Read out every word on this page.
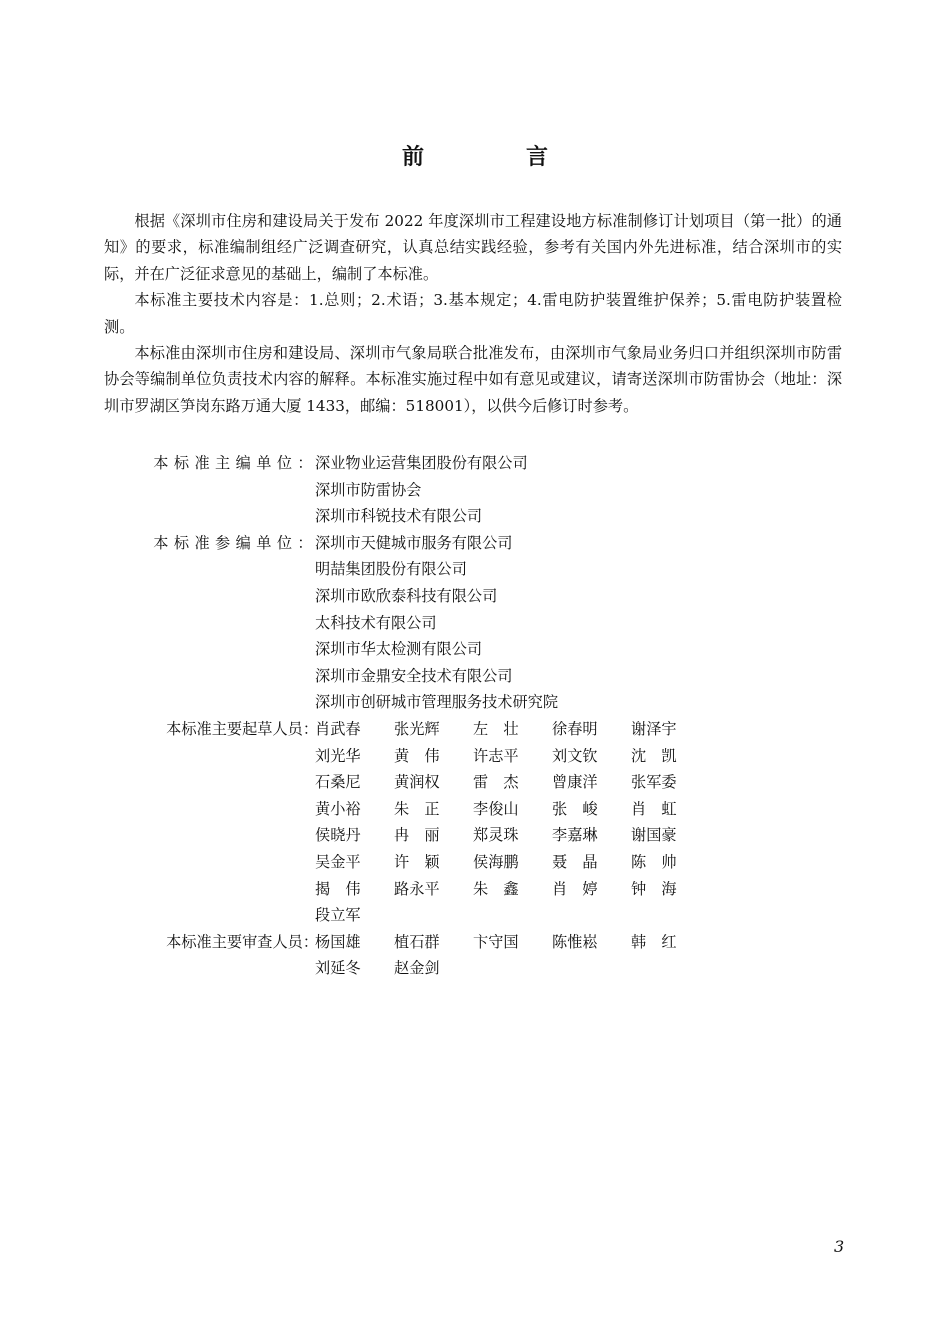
前　言

根据《深圳市住房和建设局关于发布 2022 年度深圳市工程建设地方标准制修订计划项目（第一批）的通知》的要求，标准编制组经广泛调查研究，认真总结实践经验，参考有关国内外先进标准，结合深圳市的实际，并在广泛征求意见的基础上，编制了本标准。

本标准主要技术内容是：1.总则；2.术语；3.基本规定；4.雷电防护装置维护保养；5.雷电防护装置检测。

本标准由深圳市住房和建设局、深圳市气象局联合批准发布，由深圳市气象局业务归口并组织深圳市防雷协会等编制单位负责技术内容的解释。本标准实施过程中如有意见或建议，请寄送深圳市防雷协会（地址：深圳市罗湖区笋岗东路万通大厦 1433，邮编：518001），以供今后修订时参考。

本标准主编单位：
深业物业运营集团股份有限公司
深圳市防雷协会
深圳市科锐技术有限公司
本标准参编单位：
深圳市天健城市服务有限公司
明喆集团股份有限公司
深圳市欧欣泰科技有限公司
太科技术有限公司
深圳市华太检测有限公司
深圳市金鼎安全技术有限公司
深圳市创研城市管理服务技术研究院
本标准主要起草人员：
肖武春 张光辉 左　壮 徐春明 谢泽宇
刘光华 黄　伟 许志平 刘文钦 沈　凯
石桑尼 黄润权 雷　杰 曾康洋 张军委
黄小裕 朱　正 李俊山 张　峻 肖　虹
侯晓丹 冉　丽 郑灵珠 李嘉琳 谢国豪
吴金平 许　颖 侯海鹏 聂　晶 陈　帅
揭　伟 路永平 朱　鑫 肖　婷 钟　海
段立军
本标准主要审查人员：
杨国雄 植石群 卞守国 陈惟崧 韩　红
刘延冬 赵金剑
3
